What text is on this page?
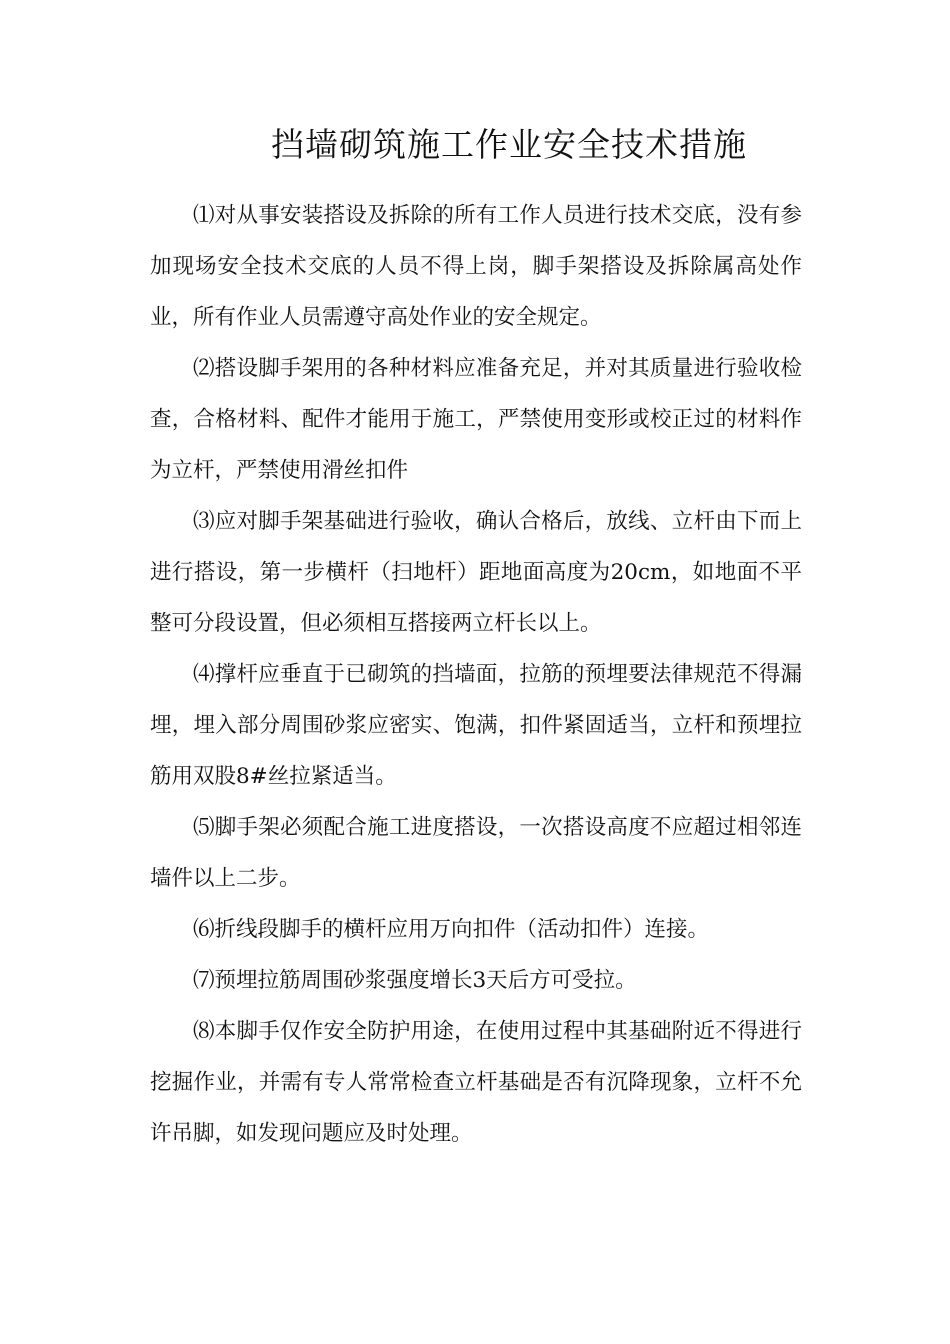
挡墙砌筑施工作业安全技术措施

⑴对从事安装搭设及拆除的所有工作人员进行技术交底，没有参加现场安全技术交底的人员不得上岗，脚手架搭设及拆除属高处作业，所有作业人员需遵守高处作业的安全规定。

⑵搭设脚手架用的各种材料应准备充足，并对其质量进行验收检查，合格材料、配件才能用于施工，严禁使用变形或校正过的材料作为立杆，严禁使用滑丝扣件

⑶应对脚手架基础进行验收，确认合格后，放线、立杆由下而上进行搭设，第一步横杆（扫地杆）距地面高度为20cm，如地面不平整可分段设置，但必须相互搭接两立杆长以上。

⑷撑杆应垂直于已砌筑的挡墙面，拉筋的预埋要法律规范不得漏埋，埋入部分周围砂浆应密实、饱满，扣件紧固适当，立杆和预埋拉筋用双股8#丝拉紧适当。

⑸脚手架必须配合施工进度搭设，一次搭设高度不应超过相邻连墙件以上二步。

⑹折线段脚手的横杆应用万向扣件（活动扣件）连接。

⑺预埋拉筋周围砂浆强度增长3天后方可受拉。

⑻本脚手仅作安全防护用途，在使用过程中其基础附近不得进行挖掘作业，并需有专人常常检查立杆基础是否有沉降现象，立杆不允许吊脚，如发现问题应及时处理。
